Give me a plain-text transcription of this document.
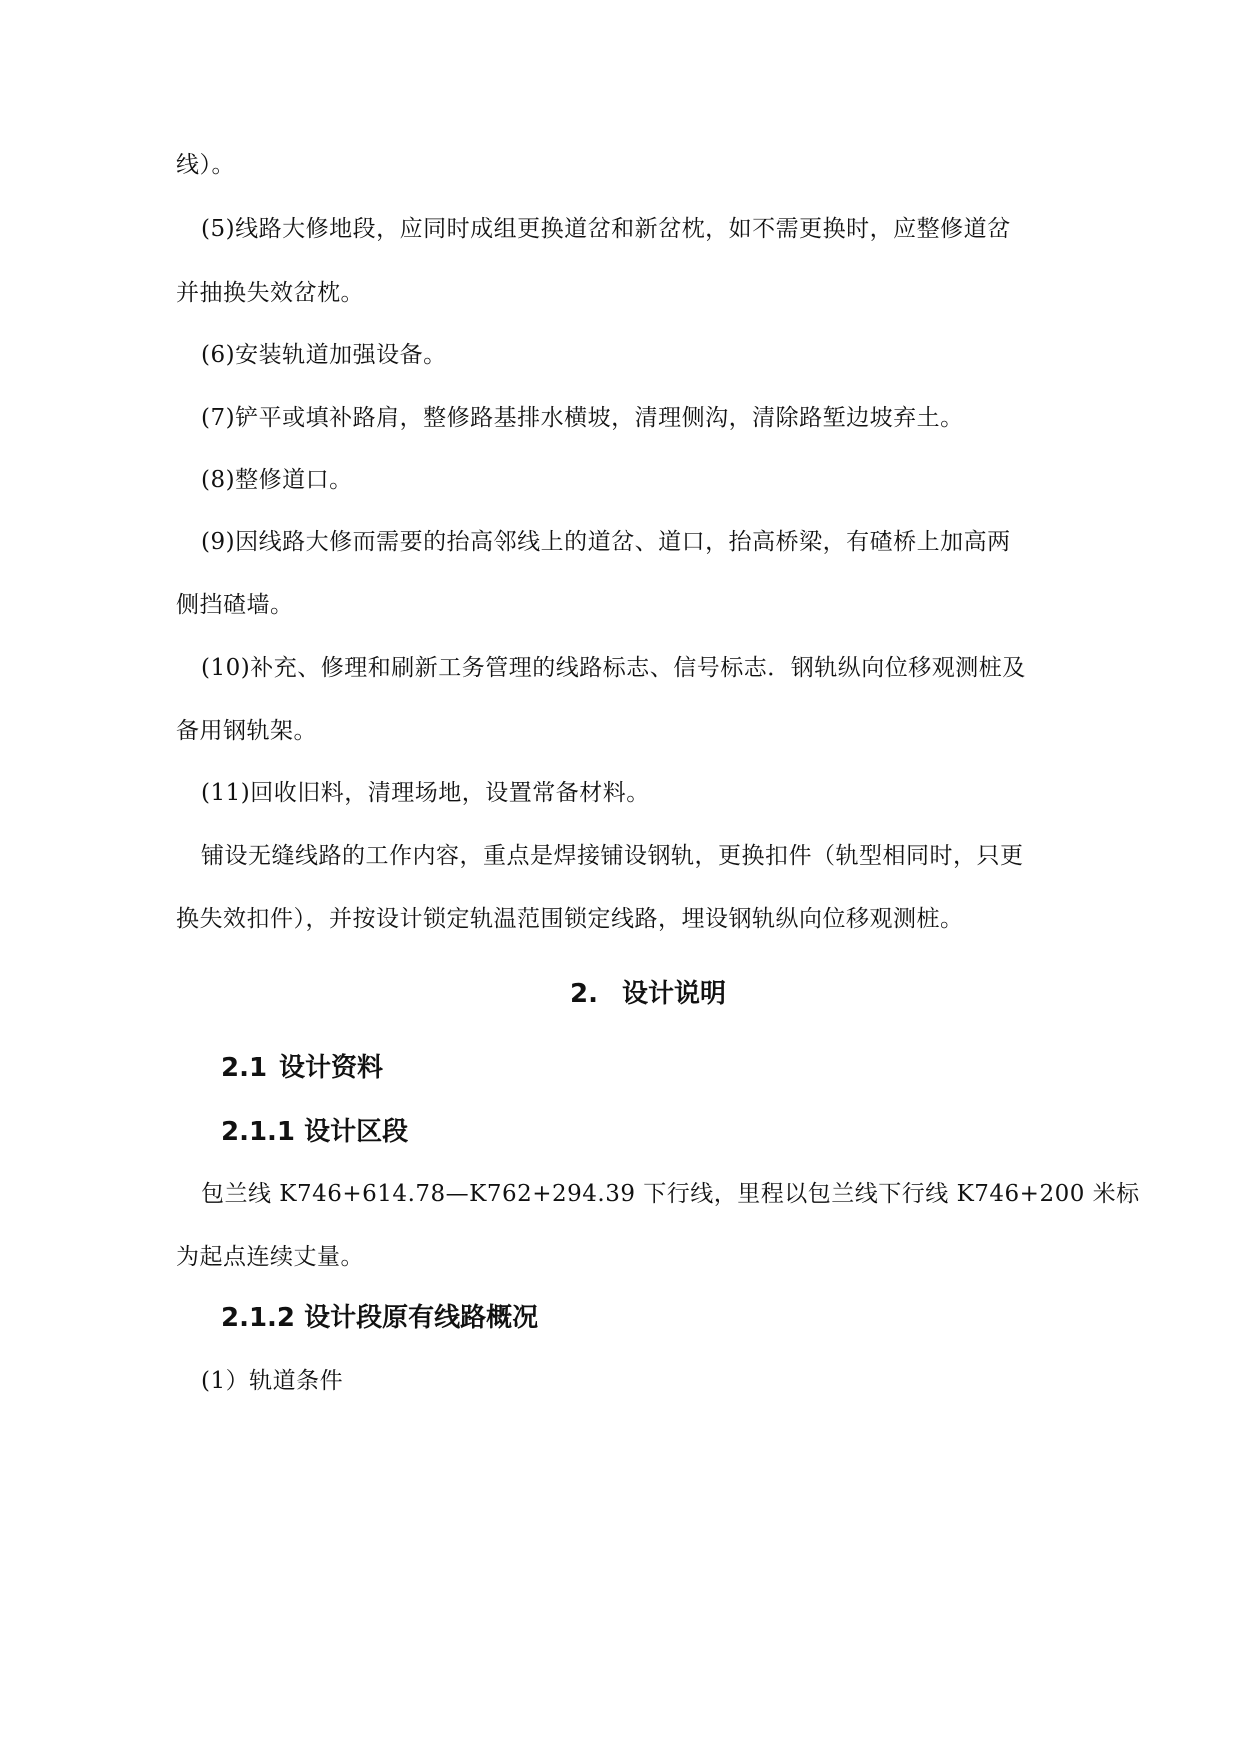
线）。
(5)线路大修地段，应同时成组更换道岔和新岔枕，如不需更换时，应整修道岔
并抽换失效岔枕。
(6)安装轨道加强设备。
(7)铲平或填补路肩，整修路基排水横坡，清理侧沟，清除路堑边坡弃土。
(8)整修道口。
(9)因线路大修而需要的抬高邻线上的道岔、道口，抬高桥梁，有碴桥上加高两
侧挡碴墙。
(10)补充、修理和刷新工务管理的线路标志、信号标志．钢轨纵向位移观测桩及
备用钢轨架。
(11)回收旧料，清理场地，设置常备材料。
铺设无缝线路的工作内容，重点是焊接铺设钢轨，更换扣件（轨型相同时，只更
换失效扣件），并按设计锁定轨温范围锁定线路，埋设钢轨纵向位移观测桩。
2. 设计说明
2.1 设计资料
2.1.1 设计区段
包兰线 K746+614.78—K762+294.39 下行线，里程以包兰线下行线 K746+200 米标
为起点连续丈量。
2.1.2 设计段原有线路概况
(1）轨道条件
